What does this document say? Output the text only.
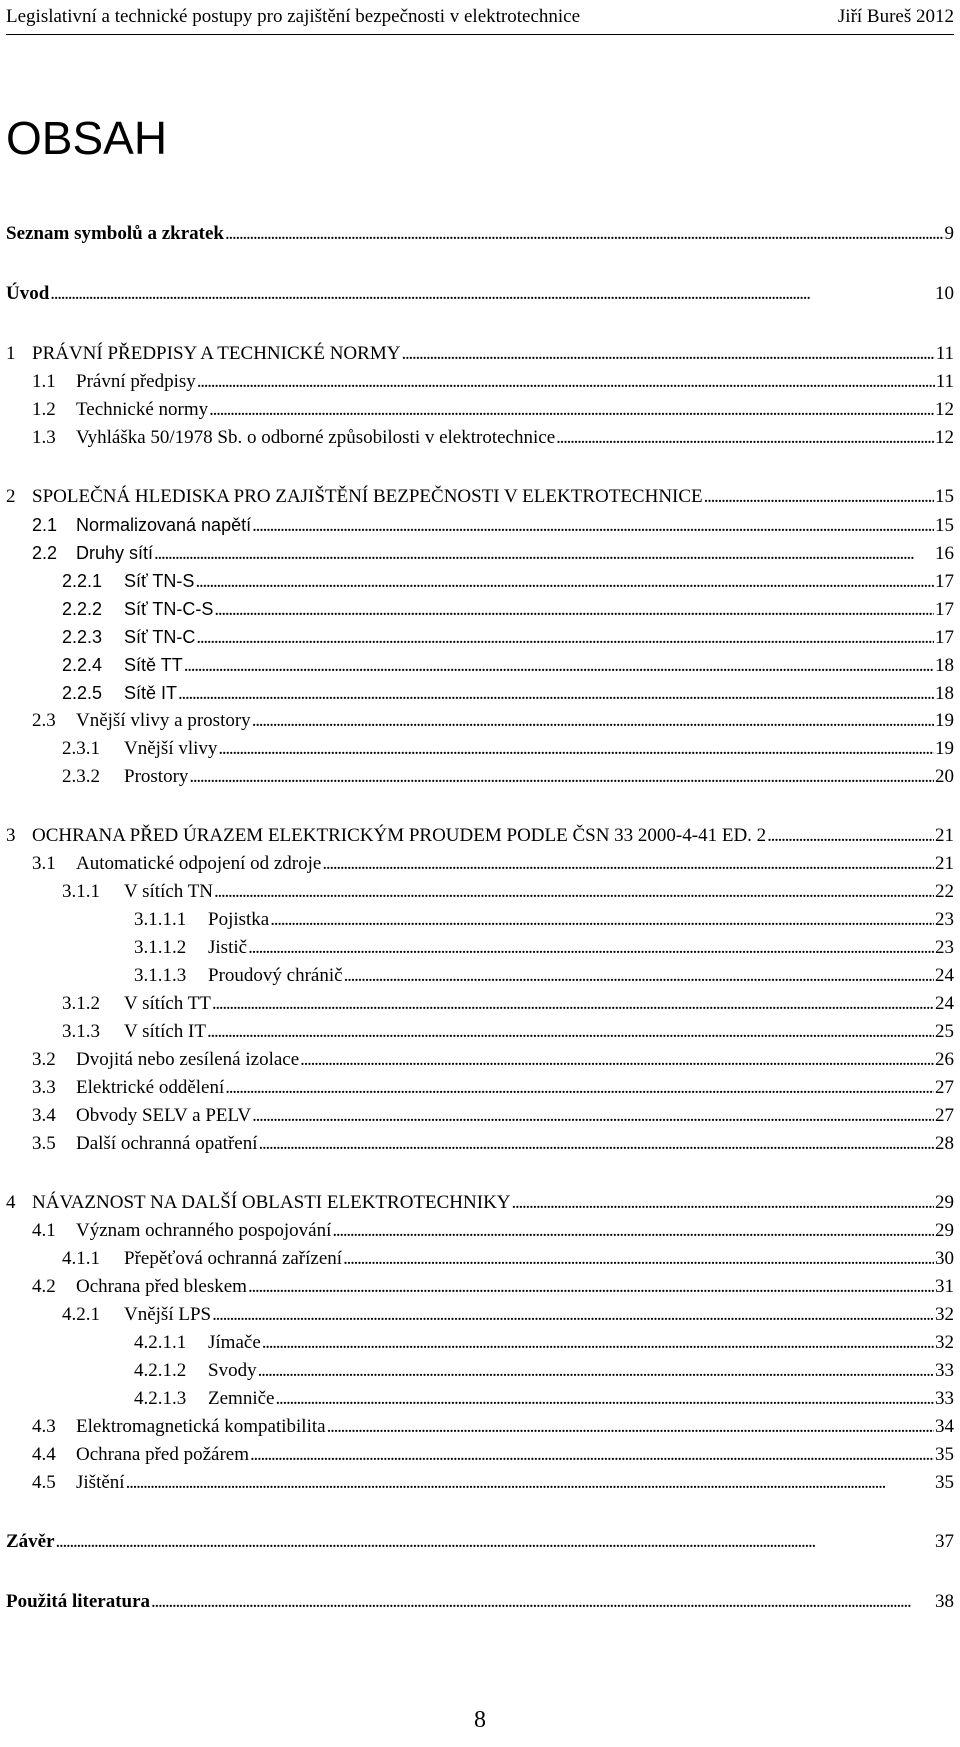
Legislativní a technické postupy pro zajištění bezpečnosti v elektrotechnice	Jiří Bureš 2012
OBSAH
Seznam symbolů a zkratek . . .	9
Úvod . . .	10
1 PRÁVNÍ PŘEDPISY A TECHNICKÉ NORMY . . .	11
1.1	Právní předpisy . . .	11
1.2	Technické normy . . .	12
1.3	Vyhláška 50/1978 Sb. o odborné způsobilosti v elektrotechnice . . .	12
2 SPOLEČNÁ HLEDISKA PRO ZAJIŠTĚNÍ BEZPEČNOSTI V ELEKTROTECHNICE . . .	15
2.1	Normalizovaná napětí . . .	15
2.2	Druhy sítí . . .	16
2.2.1	Síť TN-S . . .	17
2.2.2	Síť TN-C-S . . .	17
2.2.3	Síť TN-C . . .	17
2.2.4	Sítě TT . . .	18
2.2.5	Sítě IT . . .	18
2.3	Vnější vlivy a prostory . . .	19
2.3.1	Vnější vlivy . . .	19
2.3.2	Prostory . . .	20
3 OCHRANA PŘED ÚRAZEM ELEKTRICKÝM PROUDEM PODLE ČSN 33 2000-4-41 ED. 2 . . .	21
3.1	Automatické odpojení od zdroje . . .	21
3.1.1	V sítích TN . . .	22
3.1.1.1	Pojistka . . .	23
3.1.1.2	Jistič . . .	23
3.1.1.3	Proudový chránič . . .	24
3.1.2	V sítích TT . . .	24
3.1.3	V sítích IT . . .	25
3.2	Dvojitá nebo zesílená izolace . . .	26
3.3	Elektrické oddělení . . .	27
3.4	Obvody SELV a PELV . . .	27
3.5	Další ochranná opatření . . .	28
4 NÁVAZNOST NA DALŠÍ OBLASTI ELEKTROTECHNIKY . . .	29
4.1	Význam ochranného pospojování . . .	29
4.1.1	Přepěťová ochranná zařízení . . .	30
4.2	Ochrana před bleskem . . .	31
4.2.1	Vnější LPS . . .	32
4.2.1.1	Jímače . . .	32
4.2.1.2	Svody . . .	33
4.2.1.3	Zemniče . . .	33
4.3	Elektromagnetická kompatibilita . . .	34
4.4	Ochrana před požárem . . .	35
4.5	Jištění . . .	35
Závěr . . .	37
Použitá literatura . . .	38
8
